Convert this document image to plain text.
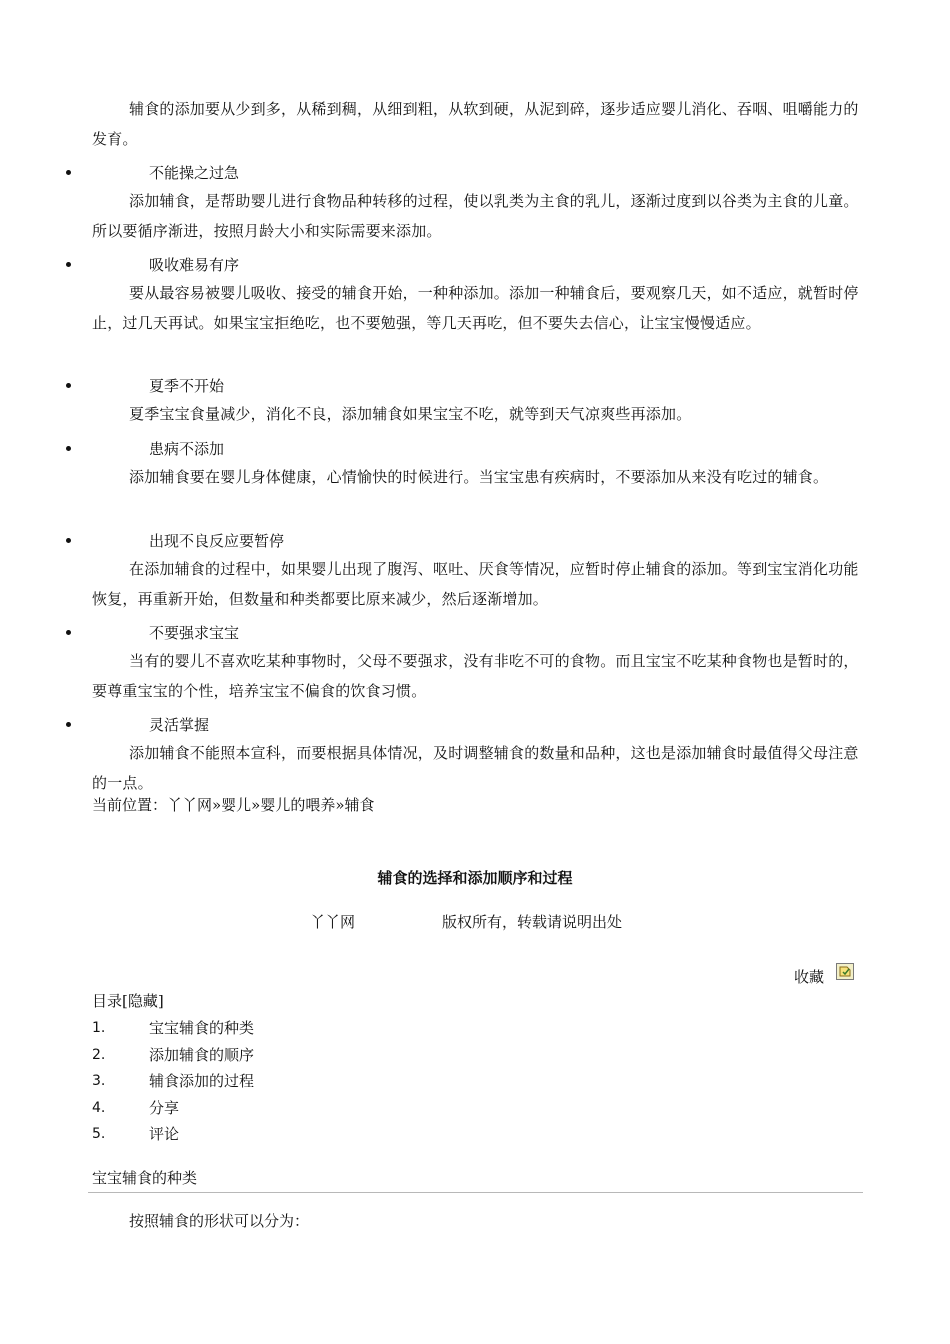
辅食的添加要从少到多，从稀到稠，从细到粗，从软到硬，从泥到碎，逐步适应婴儿消化、吞咽、咀嚼能力的发育。

不能操之过急

添加辅食，是帮助婴儿进行食物品种转移的过程，使以乳类为主食的乳儿，逐渐过度到以谷类为主食的儿童。所以要循序渐进，按照月龄大小和实际需要来添加。

吸收难易有序

要从最容易被婴儿吸收、接受的辅食开始，一种种添加。添加一种辅食后，要观察几天，如不适应，就暂时停止，过几天再试。如果宝宝拒绝吃，也不要勉强，等几天再吃，但不要失去信心，让宝宝慢慢适应。

夏季不开始

夏季宝宝食量减少，消化不良，添加辅食如果宝宝不吃，就等到天气凉爽些再添加。

患病不添加

添加辅食要在婴儿身体健康，心情愉快的时候进行。当宝宝患有疾病时，不要添加从来没有吃过的辅食。

出现不良反应要暂停

在添加辅食的过程中，如果婴儿出现了腹泻、呕吐、厌食等情况，应暂时停止辅食的添加。等到宝宝消化功能恢复，再重新开始，但数量和种类都要比原来减少，然后逐渐增加。

不要强求宝宝

当有的婴儿不喜欢吃某种事物时，父母不要强求，没有非吃不可的食物。而且宝宝不吃某种食物也是暂时的，要尊重宝宝的个性，培养宝宝不偏食的饮食习惯。

灵活掌握

添加辅食不能照本宣科，而要根据具体情况，及时调整辅食的数量和品种，这也是添加辅食时最值得父母注意的一点。

当前位置：丫丫网»婴儿»婴儿的喂养»辅食
辅食的选择和添加顺序和过程
丫丫网	版权所有，转载请说明出处
收藏
目录[隐藏]
1.	宝宝辅食的种类
2.	添加辅食的顺序
3.	辅食添加的过程
4.	分享
5.	评论
宝宝辅食的种类
按照辅食的形状可以分为：
